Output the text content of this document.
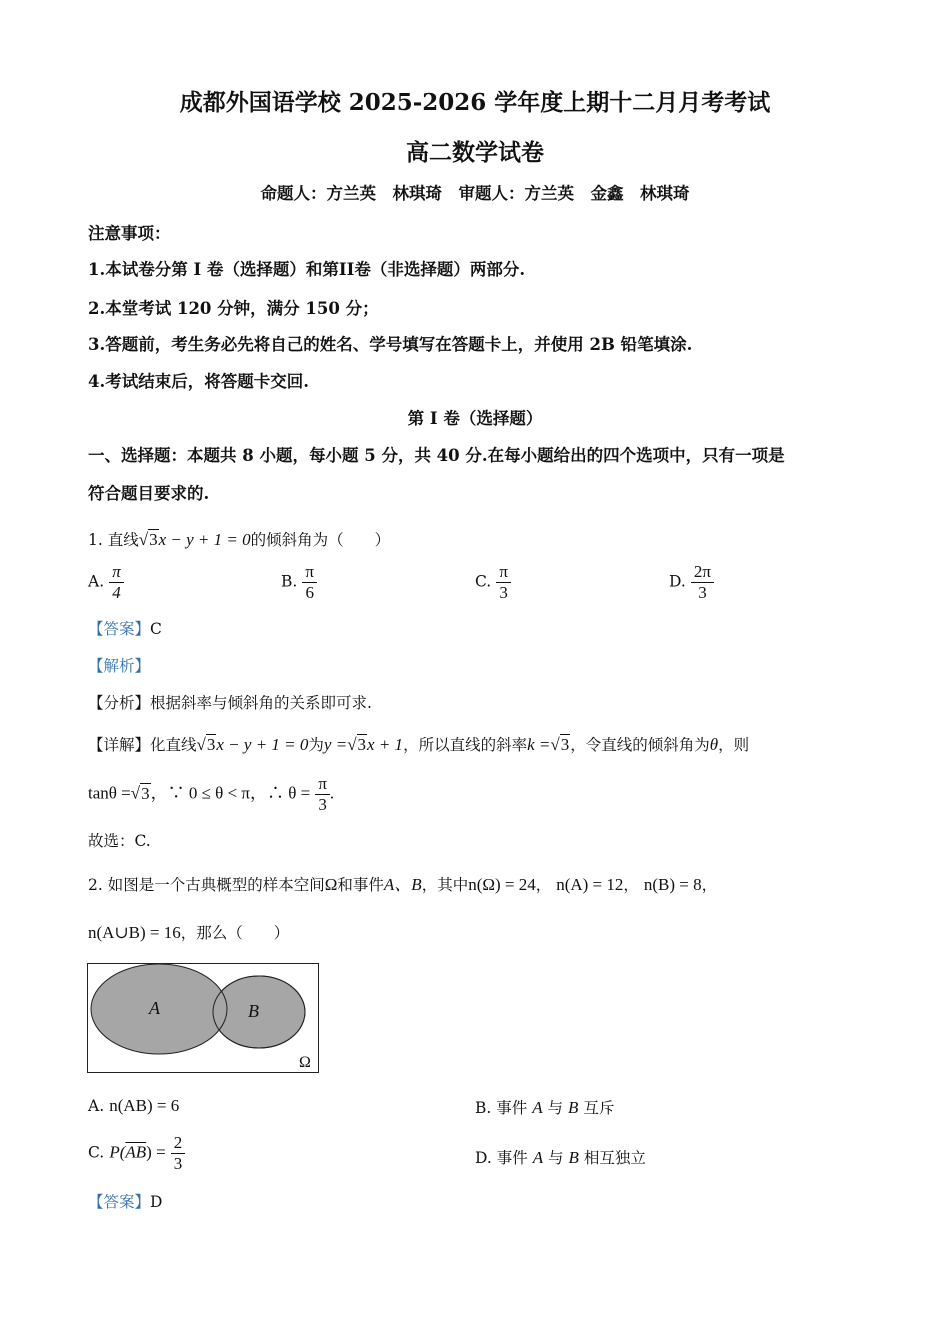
成都外国语学校 2025-2026 学年度上期十二月月考考试
高二数学试卷
命题人：方兰英　林琪琦　审题人：方兰英　金鑫　林琪琦
注意事项：
1.本试卷分第 I 卷（选择题）和第II卷（非选择题）两部分.
2.本堂考试 120 分钟，满分 150 分；
3.答题前，考生务必先将自己的姓名、学号填写在答题卡上，并使用 2B 铅笔填涂.
4.考试结束后，将答题卡交回.
第 I 卷（选择题）
一、选择题：本题共 8 小题，每小题 5 分，共 40 分.在每小题给出的四个选项中，只有一项是
符合题目要求的.
1. 直线√3x − y + 1 = 0的倾斜角为（　　）
A. $\frac{\pi}{4}$	B. $\frac{\pi}{6}$	C. $\frac{\pi}{3}$	D. $\frac{2\pi}{3}$
【答案】C
【解析】
【分析】根据斜率与倾斜角的关系即可求.
【详解】化直线√3x − y + 1 = 0为y =√3x + 1，所以直线的斜率k =√3，令直线的倾斜角为θ，则
tanθ =√3，∵ 0 ≤ θ < π，∴ $\theta = \frac{\pi}{3}$ .
故选：C.
2. 如图是一个古典概型的样本空间Ω和事件A、B，其中n(Ω) = 24， n(A) = 12， n(B) = 8，
n(A∪B) = 16，那么（　　）
A	B
Ω
A. n(AB) = 6	B. 事件 A 与 B 互斥
C. $P(\overline{AB}) = \frac{2}{3}$	D. 事件 A 与 B 相互独立
【答案】D
